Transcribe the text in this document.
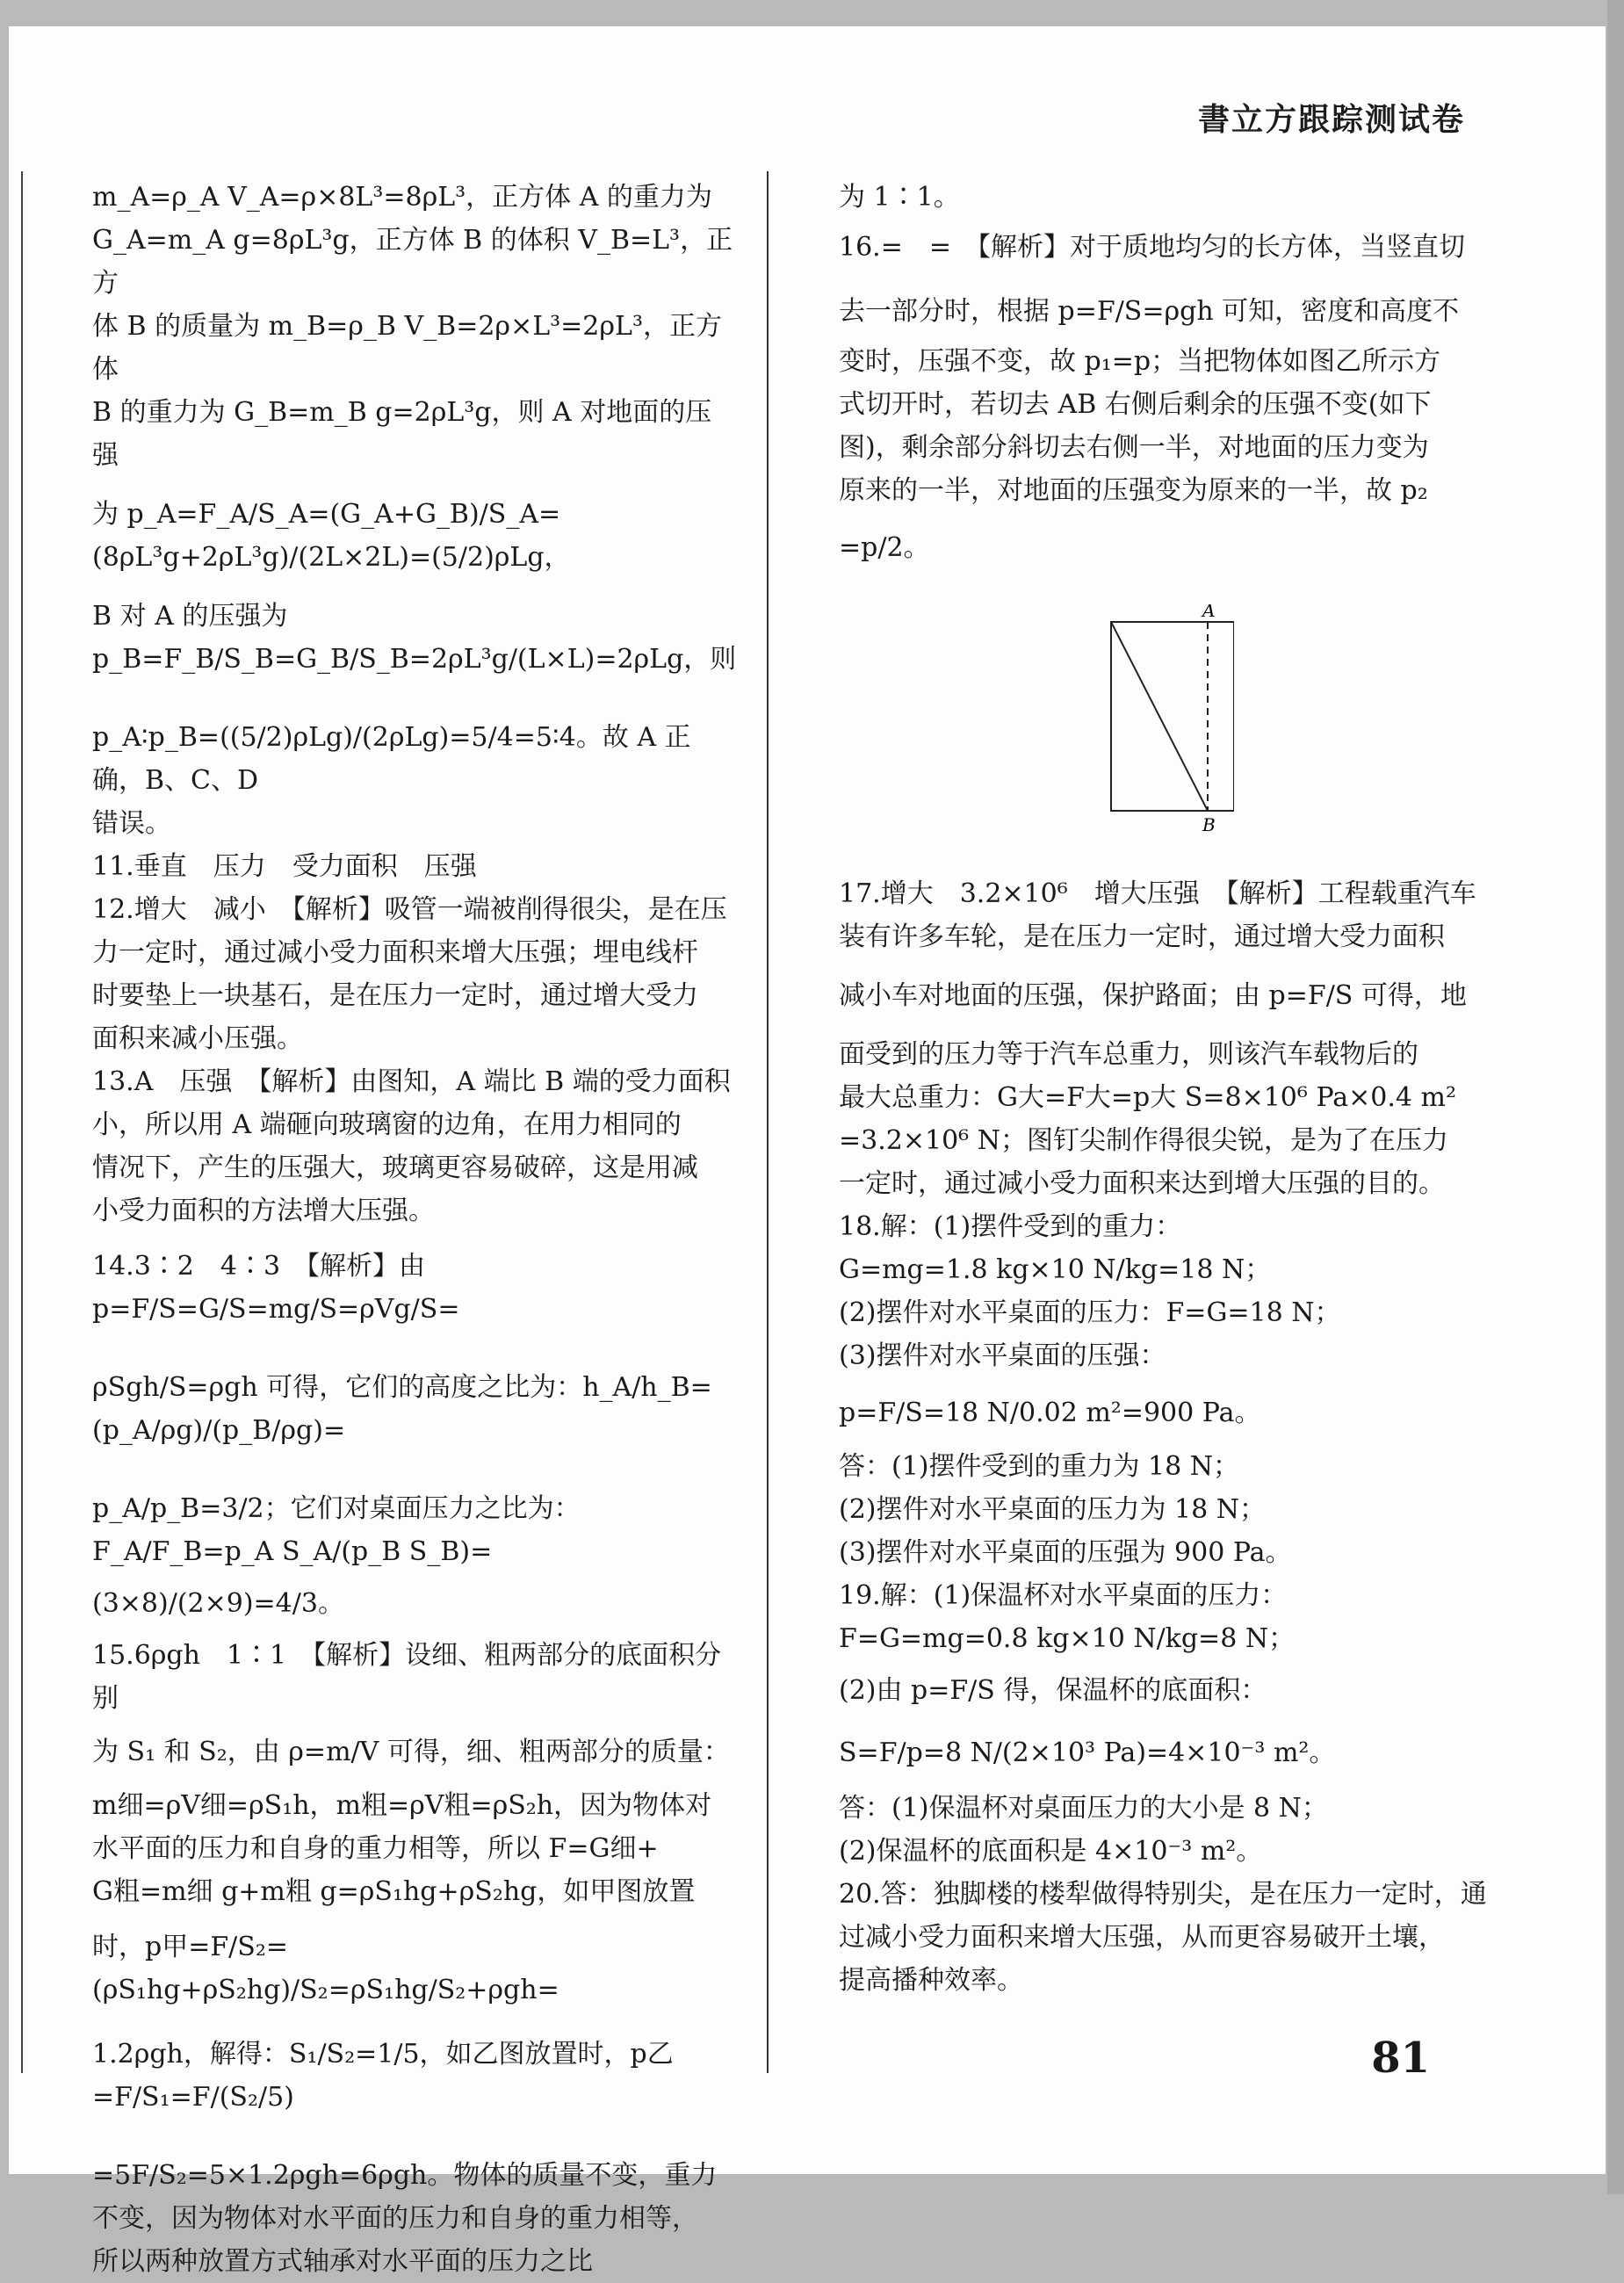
書立方跟踪测试卷

m_A=ρ_A V_A=ρ×8L³=8ρL³，正方体 A 的重力为

G_A=m_A g=8ρL³g，正方体 B 的体积 V_B=L³，正方

体 B 的质量为 m_B=ρ_B V_B=2ρ×L³=2ρL³，正方体

B 的重力为 G_B=m_B g=2ρL³g，则 A 对地面的压强

为 p_A=F_A/S_A=(G_A+G_B)/S_A=(8ρL³g+2ρL³g)/(2L×2L)=(5/2)ρLg，

B 对 A 的压强为 p_B=F_B/S_B=G_B/S_B=2ρL³g/(L×L)=2ρLg，则

p_A∶p_B=((5/2)ρLg)/(2ρLg)=5/4=5∶4。故 A 正确，B、C、D

错误。

11.垂直　压力　受力面积　压强

12.增大　减小　【解析】吸管一端被削得很尖，是在压

力一定时，通过减小受力面积来增大压强；埋电线杆

时要垫上一块基石，是在压力一定时，通过增大受力

面积来减小压强。

13.A　压强　【解析】由图知，A 端比 B 端的受力面积

小，所以用 A 端砸向玻璃窗的边角，在用力相同的

情况下，产生的压强大，玻璃更容易破碎，这是用减

小受力面积的方法增大压强。

14.3∶2　4∶3　【解析】由 p=F/S=G/S=mg/S=ρVg/S=

ρSgh/S=ρgh 可得，它们的高度之比为：h_A/h_B=(p_A/ρg)/(p_B/ρg)=

p_A/p_B=3/2；它们对桌面压力之比为：F_A/F_B=p_A S_A/(p_B S_B)=

(3×8)/(2×9)=4/3。

15.6ρgh　1∶1　【解析】设细、粗两部分的底面积分别

为 S₁ 和 S₂，由 ρ=m/V 可得，细、粗两部分的质量：

m细=ρV细=ρS₁h，m粗=ρV粗=ρS₂h，因为物体对

水平面的压力和自身的重力相等，所以 F=G细+

G粗=m细 g+m粗 g=ρS₁hg+ρS₂hg，如甲图放置

时，p甲=F/S₂=(ρS₁hg+ρS₂hg)/S₂=ρS₁hg/S₂+ρgh=

1.2ρgh，解得：S₁/S₂=1/5，如乙图放置时，p乙=F/S₁=F/(S₂/5)

=5F/S₂=5×1.2ρgh=6ρgh。物体的质量不变，重力

不变，因为物体对水平面的压力和自身的重力相等，

所以两种放置方式轴承对水平面的压力之比

为 1∶1。

16.=　=　【解析】对于质地均匀的长方体，当竖直切

去一部分时，根据 p=F/S=ρgh 可知，密度和高度不

变时，压强不变，故 p₁=p；当把物体如图乙所示方

式切开时，若切去 AB 右侧后剩余的压强不变(如下

图)，剩余部分斜切去右侧一半，对地面的压力变为

原来的一半，对地面的压强变为原来的一半，故 p₂

=p/2。

A
B

17.增大　3.2×10⁶　增大压强　【解析】工程载重汽车

装有许多车轮，是在压力一定时，通过增大受力面积

减小车对地面的压强，保护路面；由 p=F/S 可得，地

面受到的压力等于汽车总重力，则该汽车载物后的

最大总重力：G大=F大=p大 S=8×10⁶ Pa×0.4 m²

=3.2×10⁶ N；图钉尖制作得很尖锐，是为了在压力

一定时，通过减小受力面积来达到增大压强的目的。

18.解：(1)摆件受到的重力：

G=mg=1.8 kg×10 N/kg=18 N；

(2)摆件对水平桌面的压力：F=G=18 N；

(3)摆件对水平桌面的压强：

p=F/S=18 N/0.02 m²=900 Pa。

答：(1)摆件受到的重力为 18 N；

(2)摆件对水平桌面的压力为 18 N；

(3)摆件对水平桌面的压强为 900 Pa。

19.解：(1)保温杯对水平桌面的压力：

F=G=mg=0.8 kg×10 N/kg=8 N；

(2)由 p=F/S 得，保温杯的底面积：

S=F/p=8 N/(2×10³ Pa)=4×10⁻³ m²。

答：(1)保温杯对桌面压力的大小是 8 N；

(2)保温杯的底面积是 4×10⁻³ m²。

20.答：独脚楼的楼犁做得特别尖，是在压力一定时，通

过减小受力面积来增大压强，从而更容易破开土壤，

提高播种效率。

81
